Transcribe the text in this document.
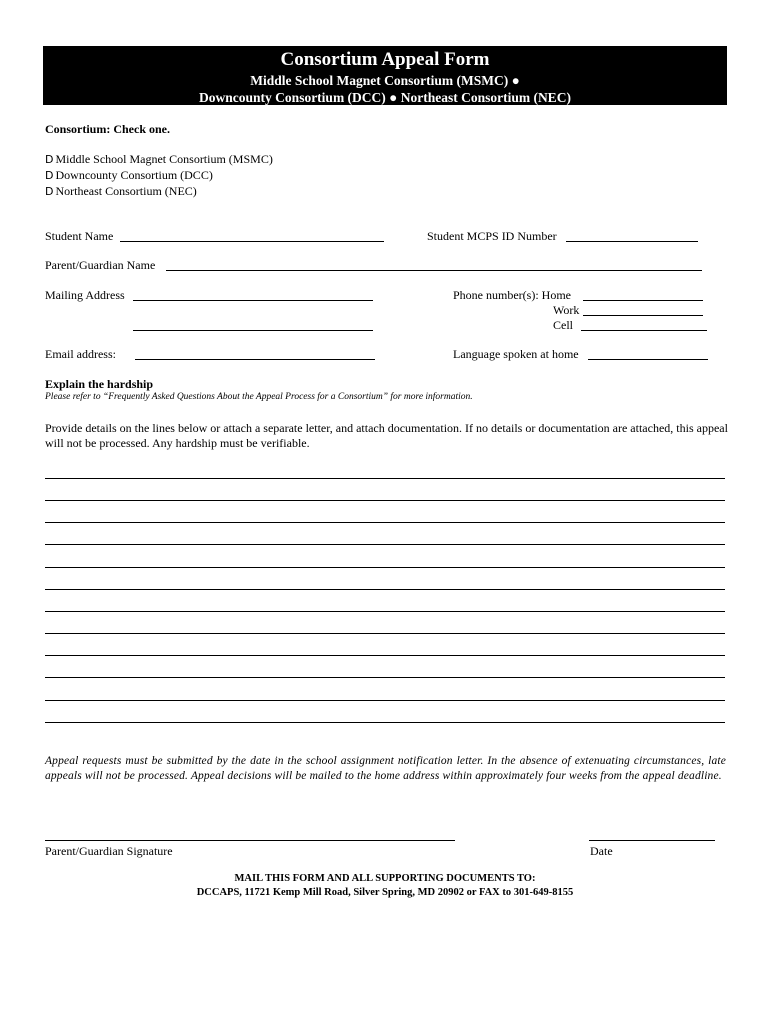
Consortium Appeal Form
Middle School Magnet Consortium (MSMC) ●
Downcounty Consortium (DCC) ● Northeast Consortium (NEC)
Consortium: Check one.
D Middle School Magnet Consortium (MSMC)
D Downcounty Consortium (DCC)
D Northeast Consortium (NEC)
Student Name	Student MCPS ID Number
Parent/Guardian Name
Mailing Address	Phone number(s): Home
Work
Cell
Email address:	Language spoken at home
Explain the hardship
Please refer to “Frequently Asked Questions About the Appeal Process for a Consortium” for more information.
Provide details on the lines below or attach a separate letter, and attach documentation. If no details or documentation are attached, this appeal will not be processed. Any hardship must be verifiable.
Appeal requests must be submitted by the date in the school assignment notification letter. In the absence of extenuating circumstances, late appeals will not be processed. Appeal decisions will be mailed to the home address within approximately four weeks from the appeal deadline.
Parent/Guardian Signature	Date
MAIL THIS FORM AND ALL SUPPORTING DOCUMENTS TO:
DCCAPS, 11721 Kemp Mill Road, Silver Spring, MD 20902 or FAX to 301-649-8155
